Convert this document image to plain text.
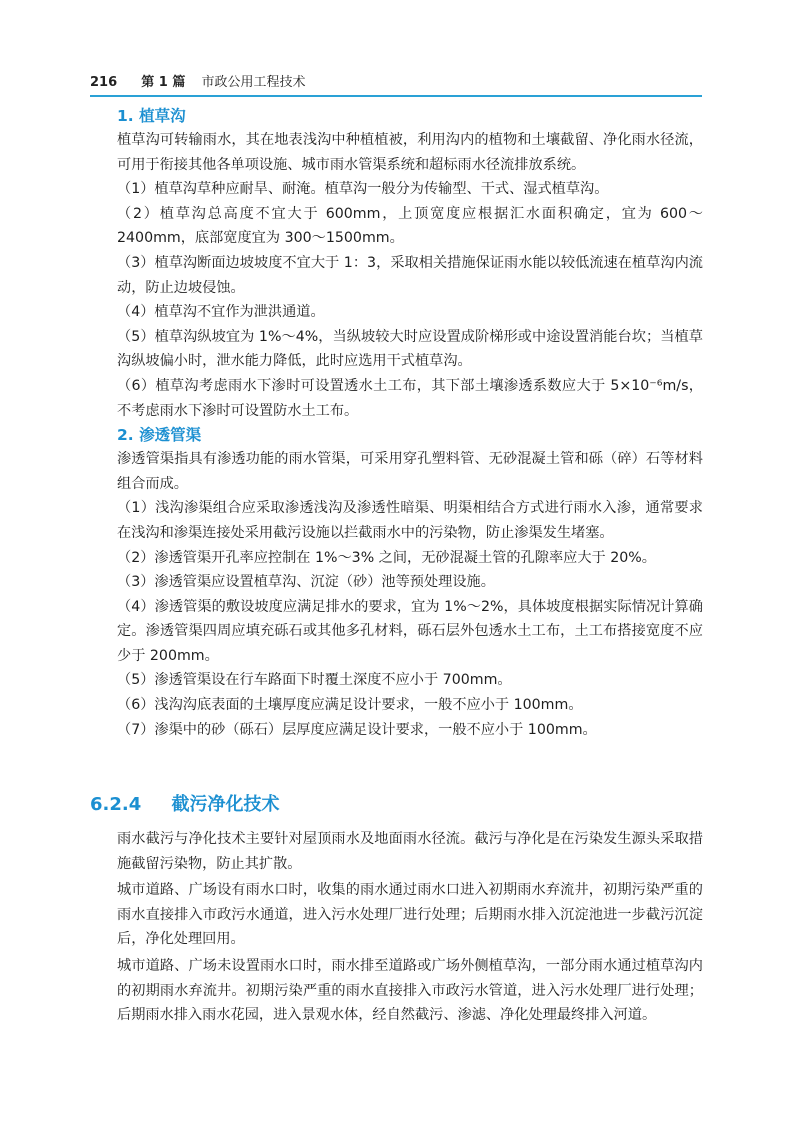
216 第 1 篇 市政公用工程技术
1. 植草沟

植草沟可转输雨水，其在地表浅沟中种植植被，利用沟内的植物和土壤截留、净化雨水径流，可用于衔接其他各单项设施、城市雨水管渠系统和超标雨水径流排放系统。

（1）植草沟草种应耐旱、耐淹。植草沟一般分为传输型、干式、湿式植草沟。

（2）植草沟总高度不宜大于 600mm，上顶宽度应根据汇水面积确定，宜为 600～2400mm，底部宽度宜为 300～1500mm。

（3）植草沟断面边坡坡度不宜大于 1：3，采取相关措施保证雨水能以较低流速在植草沟内流动，防止边坡侵蚀。

（4）植草沟不宜作为泄洪通道。

（5）植草沟纵坡宜为 1%～4%，当纵坡较大时应设置成阶梯形或中途设置消能台坎；当植草沟纵坡偏小时，泄水能力降低，此时应选用干式植草沟。

（6）植草沟考虑雨水下渗时可设置透水土工布，其下部土壤渗透系数应大于 5×10⁻⁶m/s，不考虑雨水下渗时可设置防水土工布。

2. 渗透管渠

渗透管渠指具有渗透功能的雨水管渠，可采用穿孔塑料管、无砂混凝土管和砾（碎）石等材料组合而成。

（1）浅沟渗渠组合应采取渗透浅沟及渗透性暗渠、明渠相结合方式进行雨水入渗，通常要求在浅沟和渗渠连接处采用截污设施以拦截雨水中的污染物，防止渗渠发生堵塞。

（2）渗透管渠开孔率应控制在 1%～3% 之间，无砂混凝土管的孔隙率应大于 20%。

（3）渗透管渠应设置植草沟、沉淀（砂）池等预处理设施。

（4）渗透管渠的敷设坡度应满足排水的要求，宜为 1%～2%，具体坡度根据实际情况计算确定。渗透管渠四周应填充砾石或其他多孔材料，砾石层外包透水土工布，土工布搭接宽度不应少于 200mm。

（5）渗透管渠设在行车路面下时覆土深度不应小于 700mm。

（6）浅沟沟底表面的土壤厚度应满足设计要求，一般不应小于 100mm。

（7）渗渠中的砂（砾石）层厚度应满足设计要求，一般不应小于 100mm。

6.2.4 截污净化技术

雨水截污与净化技术主要针对屋顶雨水及地面雨水径流。截污与净化是在污染发生源头采取措施截留污染物，防止其扩散。

城市道路、广场设有雨水口时，收集的雨水通过雨水口进入初期雨水弃流井，初期污染严重的雨水直接排入市政污水通道，进入污水处理厂进行处理；后期雨水排入沉淀池进一步截污沉淀后，净化处理回用。

城市道路、广场未设置雨水口时，雨水排至道路或广场外侧植草沟，一部分雨水通过植草沟内的初期雨水弃流井。初期污染严重的雨水直接排入市政污水管道，进入污水处理厂进行处理；后期雨水排入雨水花园，进入景观水体，经自然截污、渗滤、净化处理最终排入河道。
